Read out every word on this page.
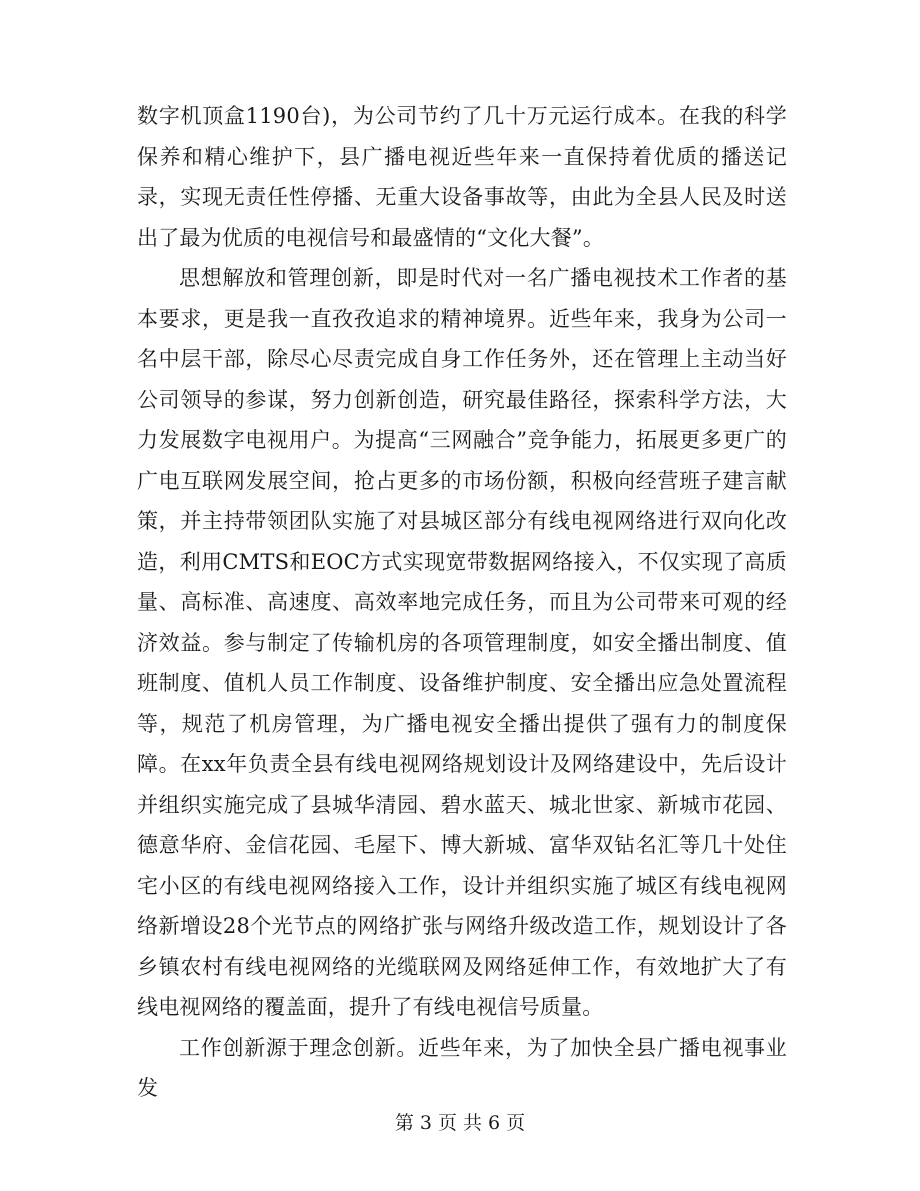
数字机顶盒1190台)，为公司节约了几十万元运行成本。在我的科学保养和精心维护下，县广播电视近些年来一直保持着优质的播送记录，实现无责任性停播、无重大设备事故等，由此为全县人民及时送出了最为优质的电视信号和最盛情的“文化大餐”。

思想解放和管理创新，即是时代对一名广播电视技术工作者的基本要求，更是我一直孜孜追求的精神境界。近些年来，我身为公司一名中层干部，除尽心尽责完成自身工作任务外，还在管理上主动当好公司领导的参谋，努力创新创造，研究最佳路径，探索科学方法，大力发展数字电视用户。为提高“三网融合”竞争能力，拓展更多更广的广电互联网发展空间，抢占更多的市场份额，积极向经营班子建言献策，并主持带领团队实施了对县城区部分有线电视网络进行双向化改造，利用CMTS和EOC方式实现宽带数据网络接入，不仅实现了高质量、高标准、高速度、高效率地完成任务，而且为公司带来可观的经济效益。参与制定了传输机房的各项管理制度，如安全播出制度、值班制度、值机人员工作制度、设备维护制度、安全播出应急处置流程等，规范了机房管理，为广播电视安全播出提供了强有力的制度保障。在xx年负责全县有线电视网络规划设计及网络建设中，先后设计并组织实施完成了县城华清园、碧水蓝天、城北世家、新城市花园、德意华府、金信花园、毛屋下、博大新城、富华双钻名汇等几十处住宅小区的有线电视网络接入工作，设计并组织实施了城区有线电视网络新增设28个光节点的网络扩张与网络升级改造工作，规划设计了各乡镇农村有线电视网络的光缆联网及网络延伸工作，有效地扩大了有线电视网络的覆盖面，提升了有线电视信号质量。

工作创新源于理念创新。近些年来，为了加快全县广播电视事业发

第 3 页 共 6 页
